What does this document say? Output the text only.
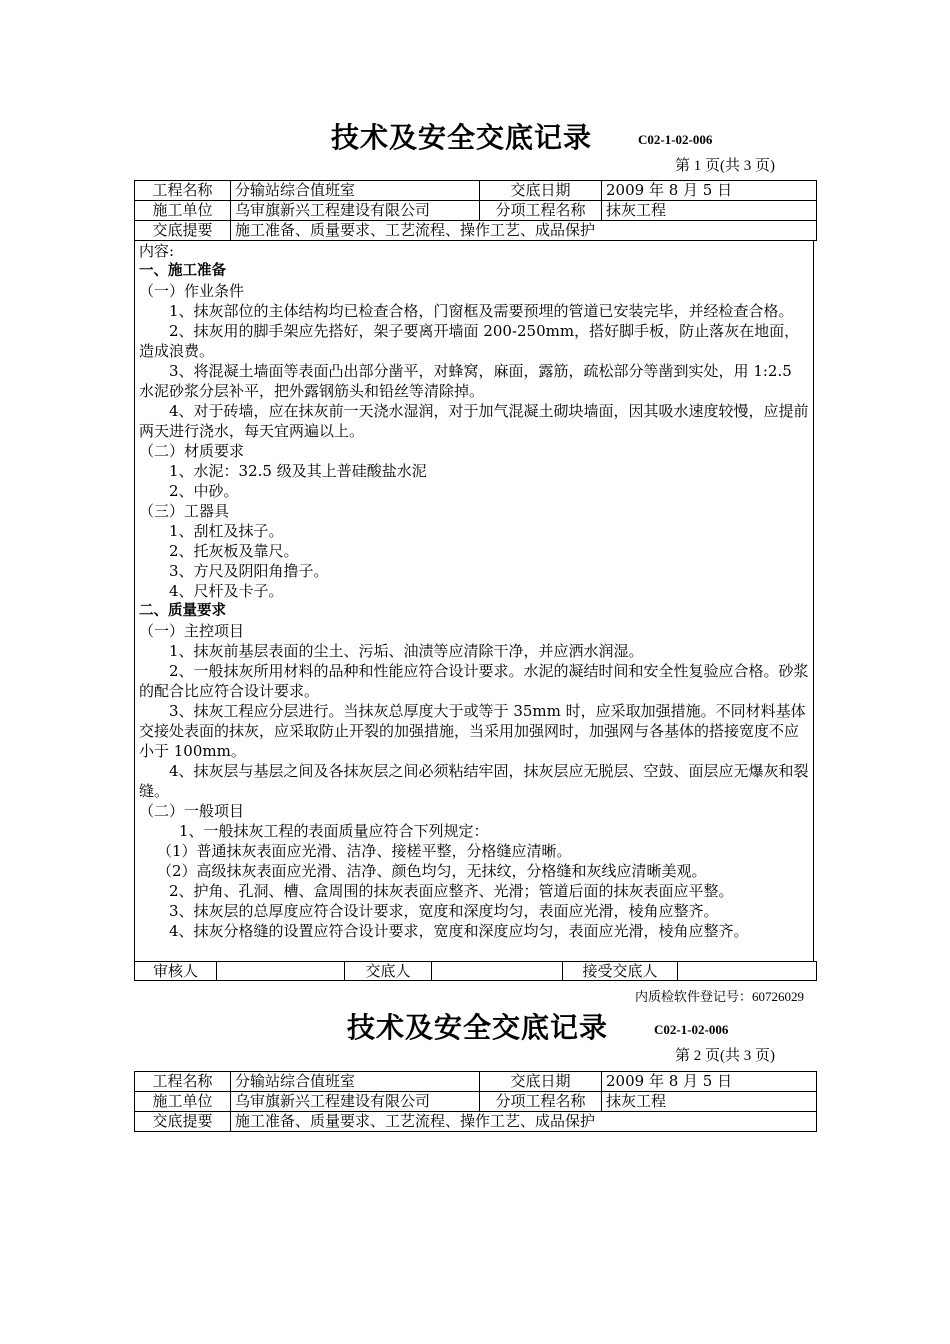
技术及安全交底记录	C02-1-02-006
第 1 页(共 3 页)
工程名称	分输站综合值班室	交底日期	2009 年 8 月 5 日
施工单位	乌审旗新兴工程建设有限公司	分项工程名称	抹灰工程
交底提要	施工准备、质量要求、工艺流程、操作工艺、成品保护		

内容:

一、施工准备

（一）作业条件

1、抹灰部位的主体结构均已检查合格，门窗框及需要预埋的管道已安装完毕，并经检查合格。

2、抹灰用的脚手架应先搭好，架子要离开墙面 200-250mm，搭好脚手板，防止落灰在地面，造成浪费。

3、将混凝土墙面等表面凸出部分凿平，对蜂窝，麻面，露筋，疏松部分等凿到实处，用 1:2.5 水泥砂浆分层补平，把外露钢筋头和铅丝等清除掉。

4、对于砖墙，应在抹灰前一天浇水湿润，对于加气混凝土砌块墙面，因其吸水速度较慢，应提前两天进行浇水，每天宜两遍以上。

（二）材质要求

1、水泥：32.5 级及其上普硅酸盐水泥

2、中砂。

（三）工器具

1、刮杠及抹子。

2、托灰板及靠尺。

3、方尺及阴阳角撸子。

4、尺杆及卡子。

二、质量要求

（一）主控项目

1、抹灰前基层表面的尘土、污垢、油渍等应清除干净，并应洒水润湿。

2、一般抹灰所用材料的品种和性能应符合设计要求。水泥的凝结时间和安全性复验应合格。砂浆的配合比应符合设计要求。

3、抹灰工程应分层进行。当抹灰总厚度大于或等于 35mm 时，应采取加强措施。不同材料基体交接处表面的抹灰，应采取防止开裂的加强措施，当采用加强网时，加强网与各基体的搭接宽度不应小于 100mm。

4、抹灰层与基层之间及各抹灰层之间必须粘结牢固，抹灰层应无脱层、空鼓、面层应无爆灰和裂缝。

（二）一般项目

1、一般抹灰工程的表面质量应符合下列规定：

（1）普通抹灰表面应光滑、洁净、接槎平整，分格缝应清晰。

（2）高级抹灰表面应光滑、洁净、颜色均匀，无抹纹，分格缝和灰线应清晰美观。

2、护角、孔洞、槽、盒周围的抹灰表面应整齐、光滑；管道后面的抹灰表面应平整。

3、抹灰层的总厚度应符合设计要求，宽度和深度均匀，表面应光滑，棱角应整齐。

4、抹灰分格缝的设置应符合设计要求，宽度和深度应均匀，表面应光滑，棱角应整齐。

审核人		交底人		接受交底人	
内质检软件登记号：60726029
技术及安全交底记录	C02-1-02-006
第 2 页(共 3 页)
工程名称	分输站综合值班室	交底日期	2009 年 8 月 5 日
施工单位	乌审旗新兴工程建设有限公司	分项工程名称	抹灰工程
交底提要	施工准备、质量要求、工艺流程、操作工艺、成品保护		
